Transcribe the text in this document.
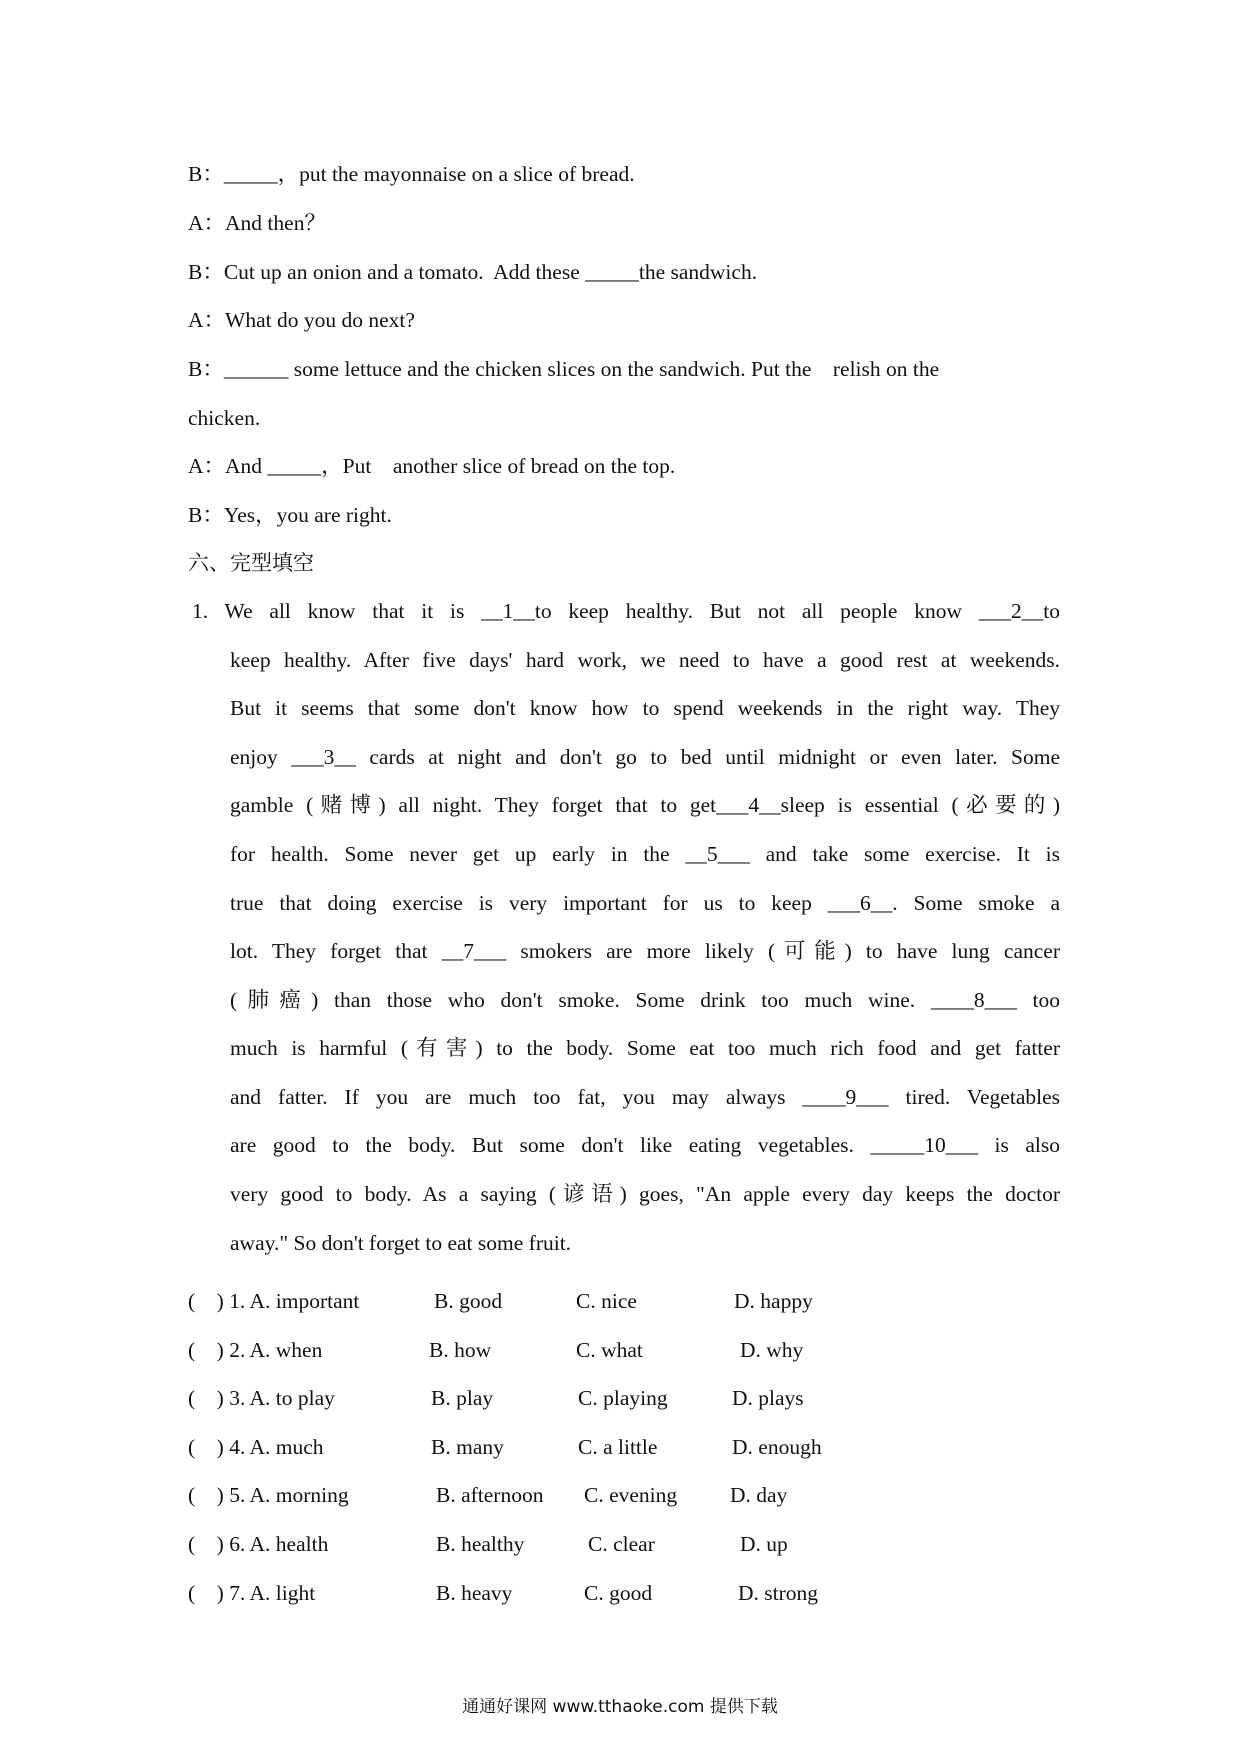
B：_____，put the mayonnaise on a slice of bread.
A：And then？
B：Cut up an onion and a tomato.  Add these _____the sandwich.
A：What do you do next?
B：______ some lettuce and the chicken slices on the sandwich. Put the    relish on the
chicken.
A：And _____，Put    another slice of bread on the top.
B：Yes，you are right.
六、完型填空
1. We all know that it is __1__to keep healthy. But not all people know ___2__to
keep healthy. After five days' hard work, we need to have a good rest at weekends.
But it seems that some don't know how to spend weekends in the right way. They
enjoy ___3__ cards at night and don't go to bed until midnight or even later. Some
gamble (赌博) all night. They forget that to get___4__sleep is essential (必要的)
for health. Some never get up early in the __5___ and take some exercise. It is
true that doing exercise is very important for us to keep ___6__. Some smoke a
lot. They forget that __7___ smokers are more likely (可能) to have lung cancer
(肺癌) than those who don't smoke. Some drink too much wine. ____8___ too
much is harmful (有害) to the body. Some eat too much rich food and get fatter
and fatter. If you are much too fat, you may always ____9___ tired. Vegetables
are good to the body. But some don't like eating vegetables. _____10___ is also
very good to body. As a saying (谚语) goes, "An apple every day keeps the doctor
away." So don't forget to eat some fruit.

(    ) 1. A. important

	B. good

	C. nice

	D. happy

(    ) 2. A. when

	B. how

	C. what

	D. why

(    ) 3. A. to play

	B. play

	C. playing

	D. plays

(    ) 4. A. much

	B. many

	C. a little

	D. enough

(    ) 5. A. morning

	B. afternoon

C. evening

D. day

(    ) 6. A. health

	B. healthy

	C. clear

	D. up

(    ) 7. A. light

	B. heavy

	C. good

	D. strong

通通好课网 www.tthaoke.com 提供下载
